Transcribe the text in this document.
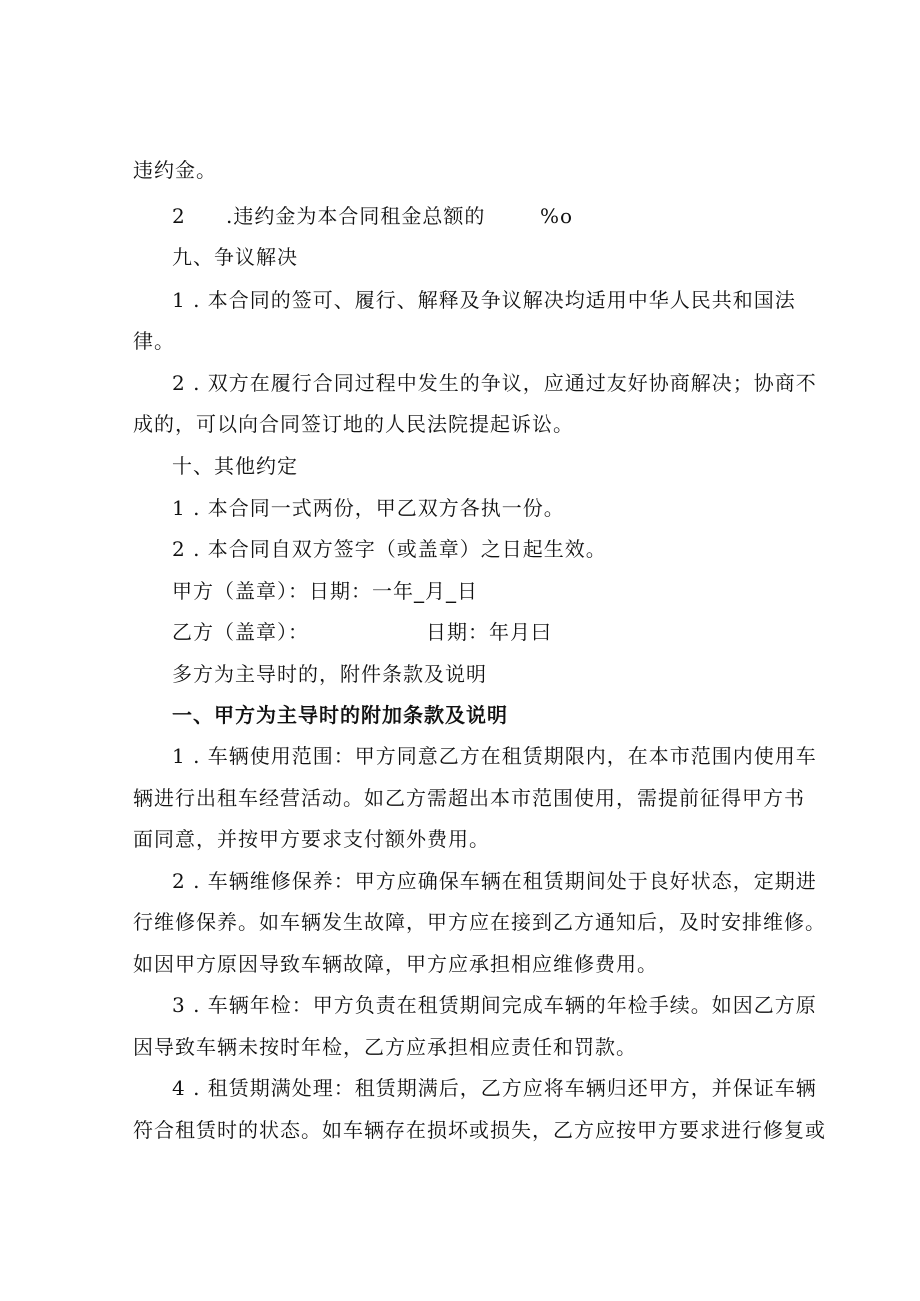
违约金。
2 .违约金为本合同租金总额的	%o
九、争议解决
1 . 本合同的签可、履行、解释及争议解决均适用中华人民共和国法
律。
2 . 双方在履行合同过程中发生的争议，应通过友好协商解决；协商不
成的，可以向合同签订地的人民法院提起诉讼。
十、其他约定
1 . 本合同一式两份，甲乙双方各执一份。
2 . 本合同自双方签字（或盖章）之日起生效。
甲方（盖章）：日期：一年_月_日
乙方（盖章）：	日期：年月曰
多方为主导时的，附件条款及说明
一、甲方为主导时的附加条款及说明
1 . 车辆使用范围：甲方同意乙方在租赁期限内，在本市范围内使用车
辆进行出租车经营活动。如乙方需超出本市范围使用，需提前征得甲方书
面同意，并按甲方要求支付额外费用。
2 . 车辆维修保养：甲方应确保车辆在租赁期间处于良好状态，定期进
行维修保养。如车辆发生故障，甲方应在接到乙方通知后，及时安排维修。
如因甲方原因导致车辆故障，甲方应承担相应维修费用。
3 . 车辆年检：甲方负责在租赁期间完成车辆的年检手续。如因乙方原
因导致车辆未按时年检，乙方应承担相应责任和罚款。
4 . 租赁期满处理：租赁期满后，乙方应将车辆归还甲方，并保证车辆
符合租赁时的状态。如车辆存在损坏或损失，乙方应按甲方要求进行修复或
